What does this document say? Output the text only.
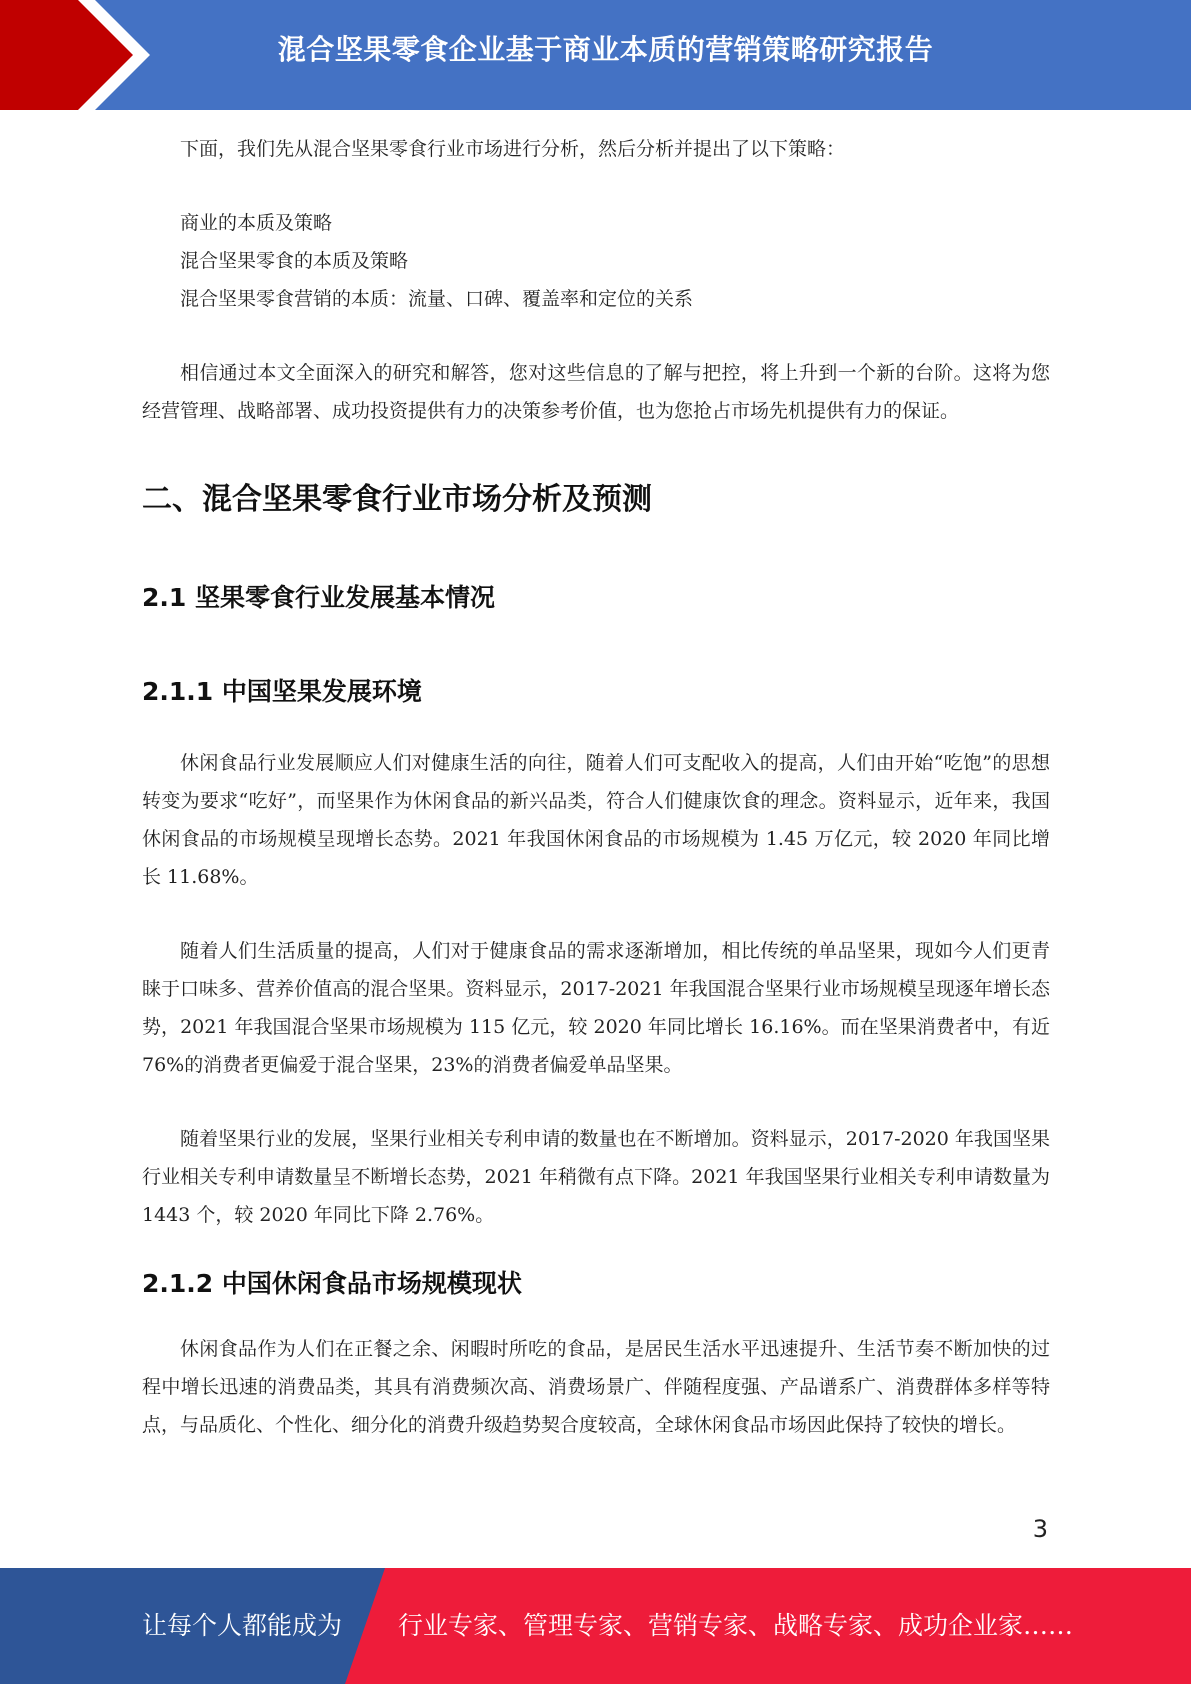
混合坚果零食企业基于商业本质的营销策略研究报告

下面，我们先从混合坚果零食行业市场进行分析，然后分析并提出了以下策略：

商业的本质及策略
混合坚果零食的本质及策略
混合坚果零食营销的本质：流量、口碑、覆盖率和定位的关系

相信通过本文全面深入的研究和解答，您对这些信息的了解与把控，将上升到一个新的台阶。这将为您经营管理、战略部署、成功投资提供有力的决策参考价值，也为您抢占市场先机提供有力的保证。

二、混合坚果零食行业市场分析及预测
2.1 坚果零食行业发展基本情况
2.1.1 中国坚果发展环境

休闲食品行业发展顺应人们对健康生活的向往，随着人们可支配收入的提高，人们由开始“吃饱”的思想转变为要求“吃好”，而坚果作为休闲食品的新兴品类，符合人们健康饮食的理念。资料显示，近年来，我国休闲食品的市场规模呈现增长态势。2021 年我国休闲食品的市场规模为 1.45 万亿元，较 2020 年同比增长 11.68%。

随着人们生活质量的提高，人们对于健康食品的需求逐渐增加，相比传统的单品坚果，现如今人们更青睐于口味多、营养价值高的混合坚果。资料显示，2017-2021 年我国混合坚果行业市场规模呈现逐年增长态势，2021 年我国混合坚果市场规模为 115 亿元，较 2020 年同比增长 16.16%。而在坚果消费者中，有近 76%的消费者更偏爱于混合坚果，23%的消费者偏爱单品坚果。

随着坚果行业的发展，坚果行业相关专利申请的数量也在不断增加。资料显示，2017-2020 年我国坚果行业相关专利申请数量呈不断增长态势，2021 年稍微有点下降。2021 年我国坚果行业相关专利申请数量为 1443 个，较 2020 年同比下降 2.76%。

2.1.2 中国休闲食品市场规模现状

休闲食品作为人们在正餐之余、闲暇时所吃的食品，是居民生活水平迅速提升、生活节奏不断加快的过程中增长迅速的消费品类，其具有消费频次高、消费场景广、伴随程度强、产品谱系广、消费群体多样等特点，与品质化、个性化、细分化的消费升级趋势契合度较高，全球休闲食品市场因此保持了较快的增长。

3
让每个人都能成为 行业专家、管理专家、营销专家、战略专家、成功企业家……
